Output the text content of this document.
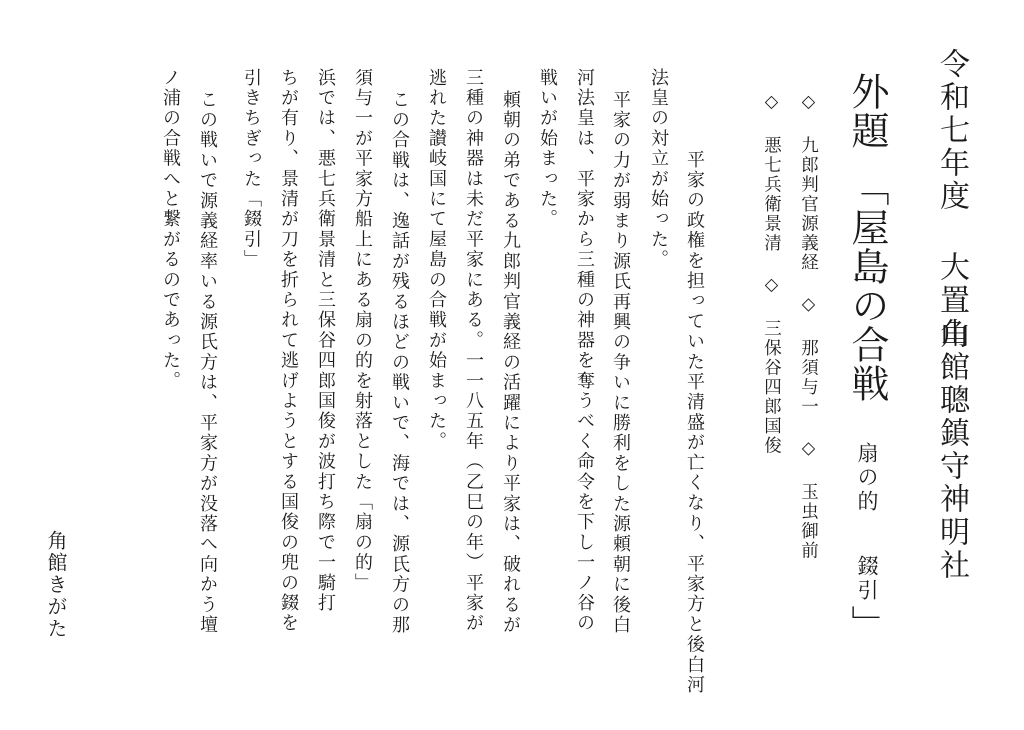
令和七年度 大置山
角館聰鎮守神明社
外題
「
屋島の合戦
扇の的
錣引
」
◇ 九郎判官源義経 ◇ 那須与一 ◇ 玉虫御前
◇ 悪七兵衛景清 ◇ 三保谷四郎国俊
平家の政権を担っていた平清盛が亡くなり、平家方と後白河
法皇の対立が始った。
平家の力が弱まり源氏再興の争いに勝利をした源頼朝に後白
河法皇は、平家から三種の神器を奪うべく命令を下し一ノ谷の
戦いが始まった。
頼朝の弟である九郎判官義経の活躍により平家は、破れるが
三種の神器は未だ平家にある。一一八五年（乙巳の年）平家が
逃れた讃岐国にて屋島の合戦が始まった。
この合戦は、逸話が残るほどの戦いで、海では、源氏方の那
須与一が平家方船上にある扇の的を射落とした「扇の的」
浜では、悪七兵衛景清と三保谷四郎国俊が波打ち際で一騎打
ちが有り、景清が刀を折られて逃げようとする国俊の兜の錣を
引きちぎった「錣引」
この戦いで源義経率いる源氏方は、平家方が没落へ向かう壇
ノ浦の合戦へと繋がるのであった。
角館きがた
